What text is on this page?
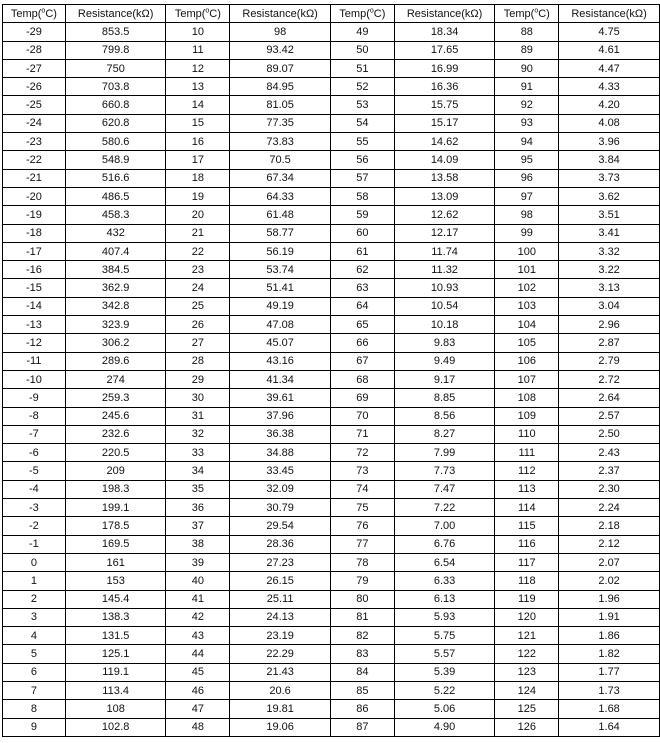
Temp($^o$C)	Resistance(kΩ)	Temp($^o$C)	Resistance(kΩ)	Temp($^o$C)	Resistance(kΩ)	Temp($^o$C)	Resistance(kΩ)
-29	853.5	10	98	49	18.34	88	4.75
-28	799.8	11	93.42	50	17.65	89	4.61
-27	750	12	89.07	51	16.99	90	4.47
-26	703.8	13	84.95	52	16.36	91	4.33
-25	660.8	14	81.05	53	15.75	92	4.20
-24	620.8	15	77.35	54	15.17	93	4.08
-23	580.6	16	73.83	55	14.62	94	3.96
-22	548.9	17	70.5	56	14.09	95	3.84
-21	516.6	18	67.34	57	13.58	96	3.73
-20	486.5	19	64.33	58	13.09	97	3.62
-19	458.3	20	61.48	59	12.62	98	3.51
-18	432	21	58.77	60	12.17	99	3.41
-17	407.4	22	56.19	61	11.74	100	3.32
-16	384.5	23	53.74	62	11.32	101	3.22
-15	362.9	24	51.41	63	10.93	102	3.13
-14	342.8	25	49.19	64	10.54	103	3.04
-13	323.9	26	47.08	65	10.18	104	2.96
-12	306.2	27	45.07	66	9.83	105	2.87
-11	289.6	28	43.16	67	9.49	106	2.79
-10	274	29	41.34	68	9.17	107	2.72
-9	259.3	30	39.61	69	8.85	108	2.64
-8	245.6	31	37.96	70	8.56	109	2.57
-7	232.6	32	36.38	71	8.27	110	2.50
-6	220.5	33	34.88	72	7.99	111	2.43
-5	209	34	33.45	73	7.73	112	2.37
-4	198.3	35	32.09	74	7.47	113	2.30
-3	199.1	36	30.79	75	7.22	114	2.24
-2	178.5	37	29.54	76	7.00	115	2.18
-1	169.5	38	28.36	77	6.76	116	2.12
0	161	39	27.23	78	6.54	117	2.07
1	153	40	26.15	79	6.33	118	2.02
2	145.4	41	25.11	80	6.13	119	1.96
3	138.3	42	24.13	81	5.93	120	1.91
4	131.5	43	23.19	82	5.75	121	1.86
5	125.1	44	22.29	83	5.57	122	1.82
6	119.1	45	21.43	84	5.39	123	1.77
7	113.4	46	20.6	85	5.22	124	1.73
8	108	47	19.81	86	5.06	125	1.68
9	102.8	48	19.06	87	4.90	126	1.64
